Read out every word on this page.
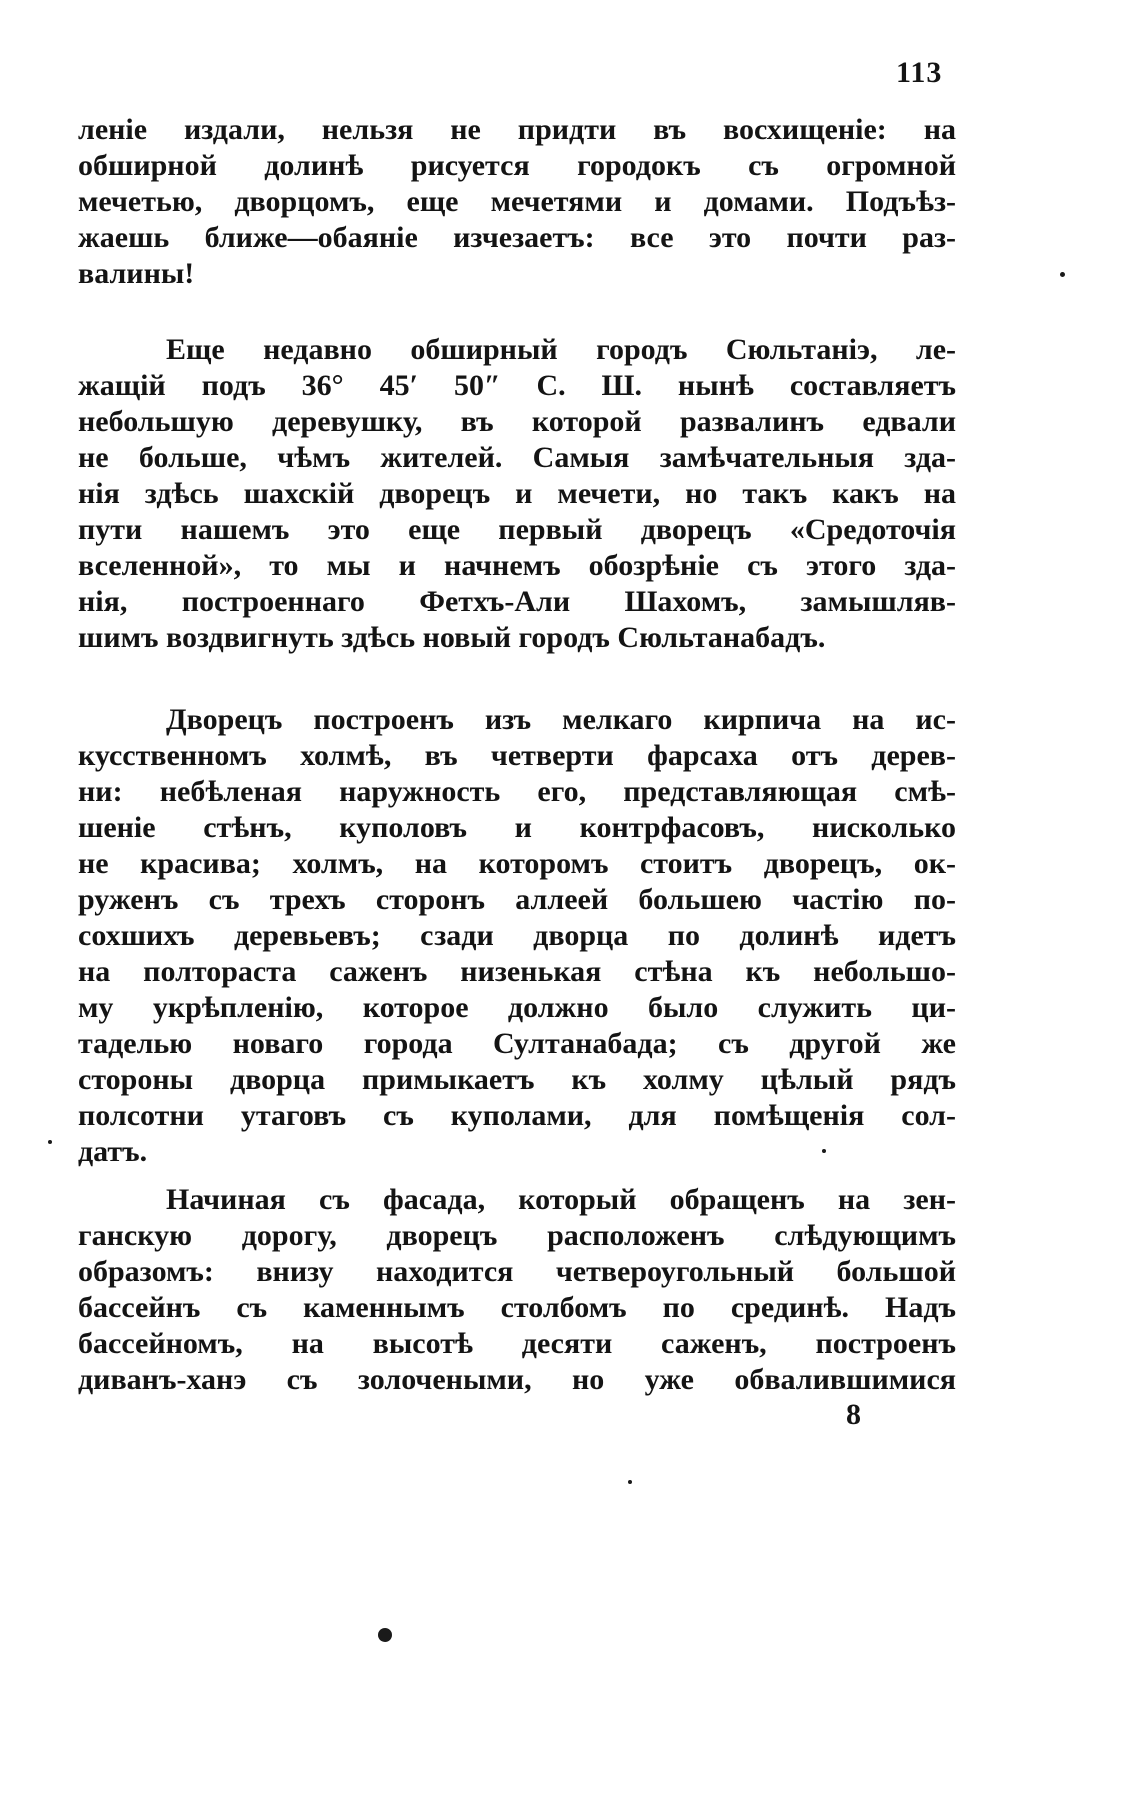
113
леніе издали, нельзя не придти въ восхищеніе: на
обширной долинѣ рисуется городокъ съ огромной
мечетью, дворцомъ, еще мечетями и домами. Подъѣз-
жаешь ближе—обаяніе изчезаетъ: все это почти раз-
валины!
Еще недавно обширный городъ Сюльтаніэ, ле-
жащій подъ 36° 45′ 50″ С. Ш. нынѣ составляетъ
небольшую деревушку, въ которой развалинъ едвали
не больше, чѣмъ жителей. Самыя замѣчательныя зда-
нія здѣсь шахскій дворецъ и мечети, но такъ какъ на
пути нашемъ это еще первый дворецъ «Средоточія
вселенной», то мы и начнемъ обозрѣніе съ этого зда-
нія, построеннаго Фетхъ-Али Шахомъ, замышляв-
шимъ воздвигнуть здѣсь новый городъ Сюльтанабадъ.
Дворецъ построенъ изъ мелкаго кирпича на ис-
кусственномъ холмѣ, въ четверти фарсаха отъ дерев-
ни: небѣленая наружность его, представляющая смѣ-
шеніе стѣнъ, куполовъ и контрфасовъ, нисколько
не красива; холмъ, на которомъ стоитъ дворецъ, ок-
руженъ съ трехъ сторонъ аллеей большею частію по-
сохшихъ деревьевъ; сзади дворца по долинѣ идетъ
на полтораста саженъ низенькая стѣна къ небольшо-
му укрѣпленію, которое должно было служить ци-
таделью новаго города Султанабада; съ другой же
стороны дворца примыкаетъ къ холму цѣлый рядъ
полсотни утаговъ съ куполами, для помѣщенія сол-
датъ.
Начиная съ фасада, который обращенъ на зен-
ганскую дорогу, дворецъ расположенъ слѣдующимъ
образомъ: внизу находится четвероугольный большой
бассейнъ съ каменнымъ столбомъ по срединѣ. Надъ
бассейномъ, на высотѣ десяти саженъ, построенъ
диванъ-ханэ съ золочеными, но уже обвалившимися
8
